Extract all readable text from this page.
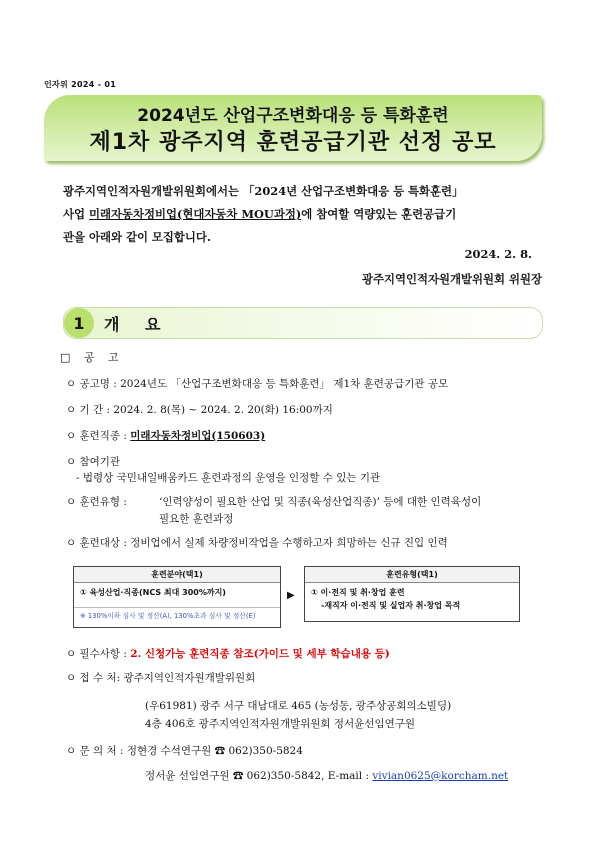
인자위 2024 - 01
2024년도 산업구조변화대응 등 특화훈련
제1차 광주지역 훈련공급기관 선정 공모
광주지역인적자원개발위원회에서는 「2024년 산업구조변화대응 등 특화훈련」
사업 미래자동차정비업(현대자동차 MOU과정)에 참여할 역량있는 훈련공급기
관을 아래와 같이 모집합니다.
2024. 2. 8.
광주지역인적자원개발위원회 위원장
1	개 요
□ 공 고
ㅇ 공고명 : 2024년도 「산업구조변화대응 등 특화훈련」 제1차 훈련공급기관 공모
ㅇ 기 간 : 2024. 2. 8(목) ~ 2024. 2. 20(화) 16:00까지
ㅇ 훈련직종 : 미래자동차정비업(150603)
ㅇ 참여기관
- 법령상 국민내일배움카드 훈련과정의 운영을 인정할 수 있는 기관
ㅇ 훈련유형 :	‘인력양성이 필요한 산업 및 직종(육성산업직종)’ 등에 대한 인력육성이
필요한 훈련과정
ㅇ 훈련대상 : 정비업에서 실제 차량정비작업을 수행하고자 희망하는 신규 진입 인력
훈련분야(택1)
① 육성산업·직종(NCS 최대 300%까지)
※ 130%이하 심사 및 정산(A), 130%초과 심사 및 정산(E)
▶
훈련유형(택1)
① 이·전직 및 취·창업 훈련
-재직자 이·전직 및 실업자 취·창업 목적
ㅇ 필수사항 : 2. 신청가능 훈련직종 참조(가이드 및 세부 학습내용 등)
ㅇ 접 수 처: 광주지역인적자원개발위원회
(우61981) 광주 서구 대남대로 465 (농성동, 광주상공회의소빌딩)
4층 406호 광주지역인적자원개발위원회 정서윤선임연구원
ㅇ 문 의 처 : 정현경 수석연구원 ☎ 062)350-5824
정서윤 선임연구원 ☎ 062)350-5842, E-mail : vivian0625@korcham.net
